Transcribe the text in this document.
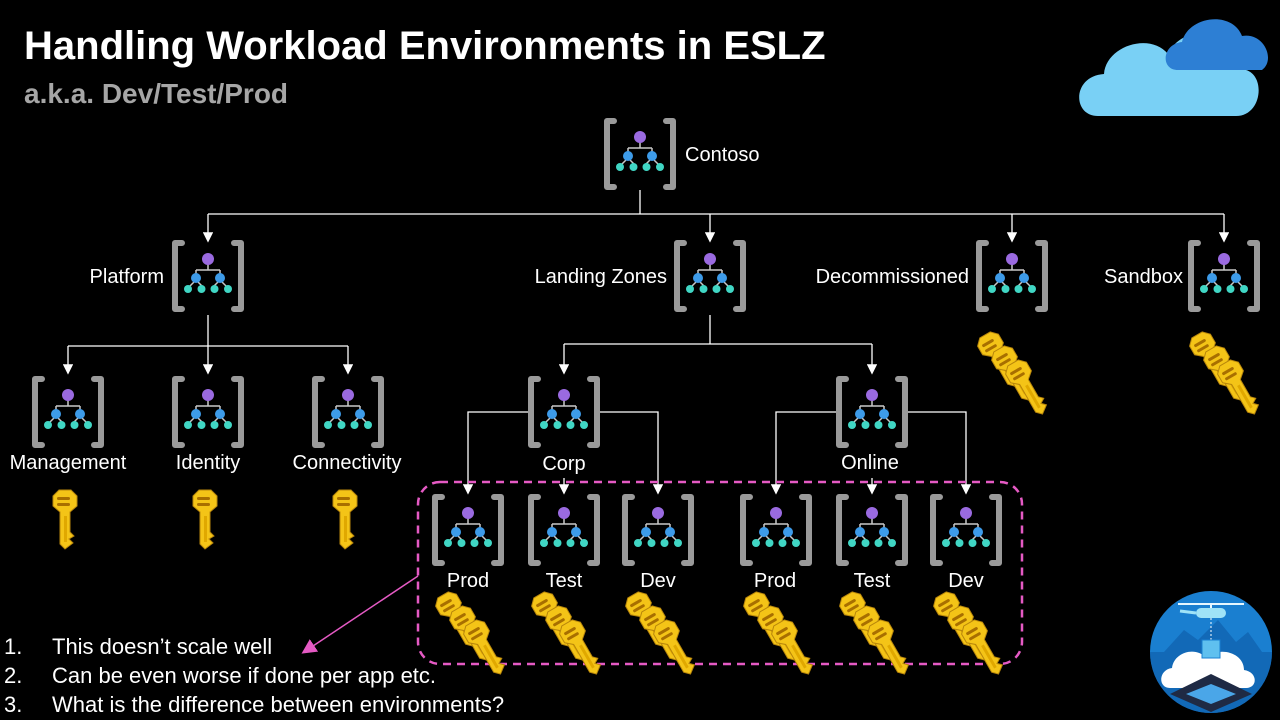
Handling Workload Environments in ESLZ
a.k.a. Dev/Test/Prod
Contoso
Platform	Landing Zones	Decommissioned	Sandbox
Management Identity	Connectivity	Corp	Online
Prod	Test	Dev	Prod	Test	Dev
1.	This doesn’t scale well
2.	Can be even worse if done per app etc.
3.	What is the difference between environments?
